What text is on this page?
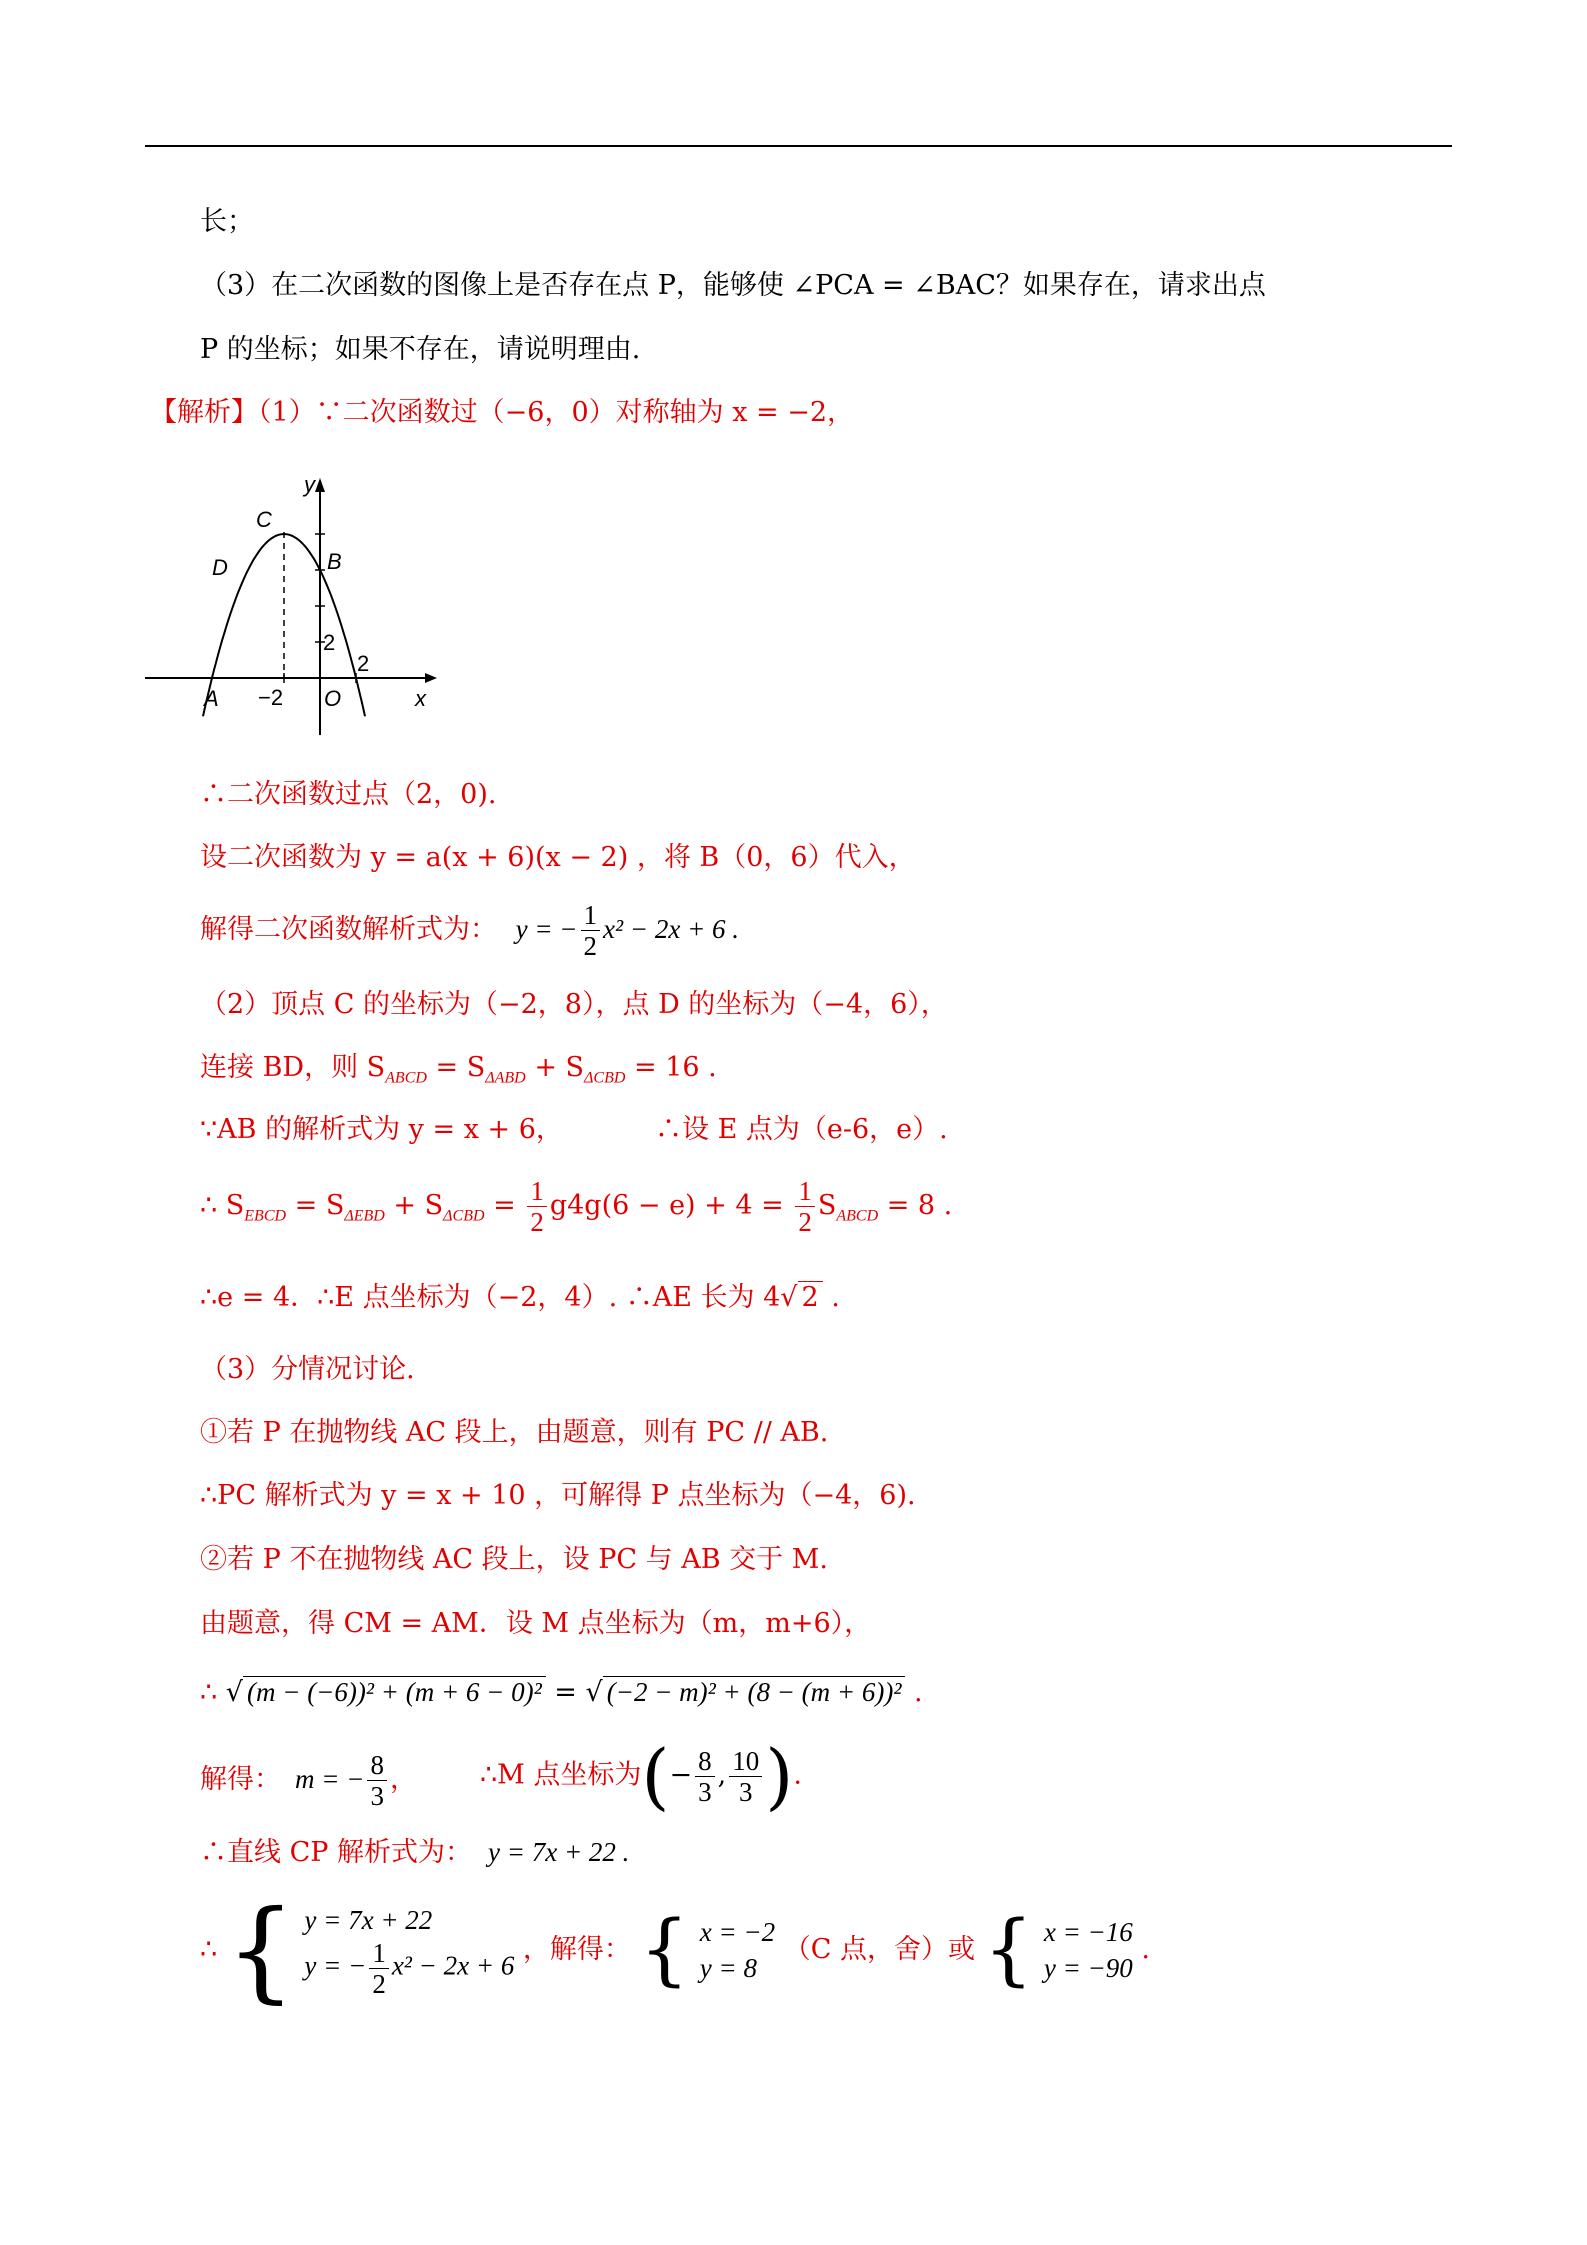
长；
（3）在二次函数的图像上是否存在点 P，能够使 ∠PCA = ∠BAC？如果存在，请求出点
P 的坐标；如果不存在，请说明理由.
【解析】（1）∵二次函数过（−6，0）对称轴为 x = −2，
y
x
C
B
D
A	O
−2
2
2
∴二次函数过点（2，0).
设二次函数为 y = a(x + 6)(x − 2) ，将 B（0，6）代入，
解得二次函数解析式为： y = − $\frac{1}{2} x^2 - 2x + 6$ .
（2）顶点 C 的坐标为（−2，8），点 D 的坐标为（−4，6），
连接 BD，则 $S_{ABCD} = S_{\Delta ABD} + S_{\Delta CBD} = 16$ .
∵AB 的解析式为 y = x + 6，	∴设 E 点为（e-6，e）.
∴ $S_{EBCD} = S_{\Delta EBD} + S_{\Delta CBD} = \frac{1}{2} g4g(6 - e) + 4 = \frac{1}{2} S_{ABCD} = 8$ .
∴e = 4．∴E 点坐标为（−2，4）. ∴AE 长为 4√ 2 .
（3）分情况讨论.
①若 P 在抛物线 AC 段上，由题意，则有 PC // AB.
∴PC 解析式为 y = x + 10 ，可解得 P 点坐标为（−4，6).
②若 P 不在抛物线 AC 段上，设 PC 与 AB 交于 M.
由题意，得 CM = AM．设 M 点坐标为（m，m+6），
∴ √ (m − (−6))² + (m + 6 − 0)² = √ (−2 − m)² + (8 − (m + 6))² .
解得： m = − $\frac{8}{3}$ ， ∴M 点坐标为(− $\frac{8}{3}$ , $\frac{10}{3}$ ).
∴直线 CP 解析式为： y = 7x + 22 .
∴ { y = 7x + 22
y = − $\frac{1}{2} x^2 - 2x + 6$
，解得： { x = −2
y = 8
（C 点，舍）或 { x = −16
y = −90
.
